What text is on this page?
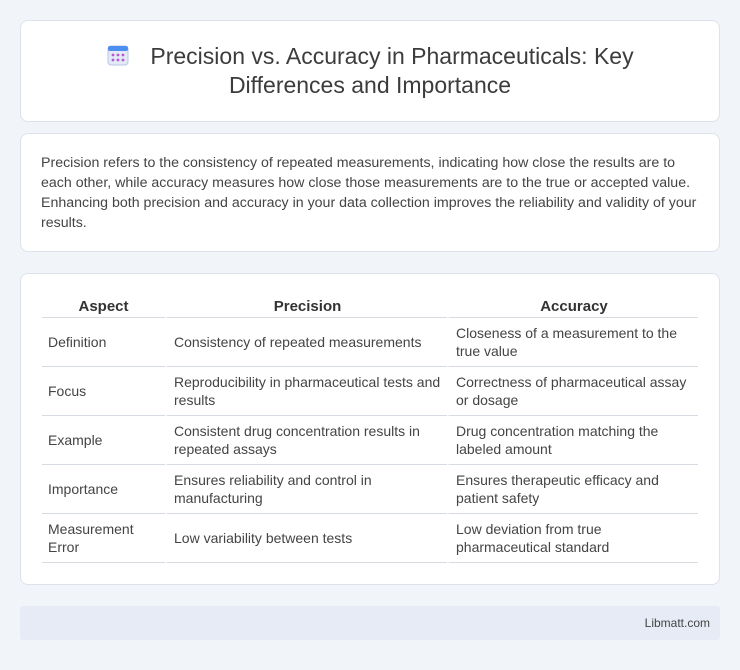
Precision vs. Accuracy in Pharmaceuticals: Key Differences and Importance

Precision refers to the consistency of repeated measurements, indicating how close the results are to each other, while accuracy measures how close those measurements are to the true or accepted value. Enhancing both precision and accuracy in your data collection improves the reliability and validity of your results.

Aspect	Precision	Accuracy
Definition	Consistency of repeated measurements	Closeness of a measurement to the true value
Focus	Reproducibility in pharmaceutical tests and results	Correctness of pharmaceutical assay or dosage
Example	Consistent drug concentration results in repeated assays	Drug concentration matching the labeled amount
Importance	Ensures reliability and control in manufacturing	Ensures therapeutic efficacy and patient safety
Measurement Error	Low variability between tests	Low deviation from true pharmaceutical standard
Libmatt.com
